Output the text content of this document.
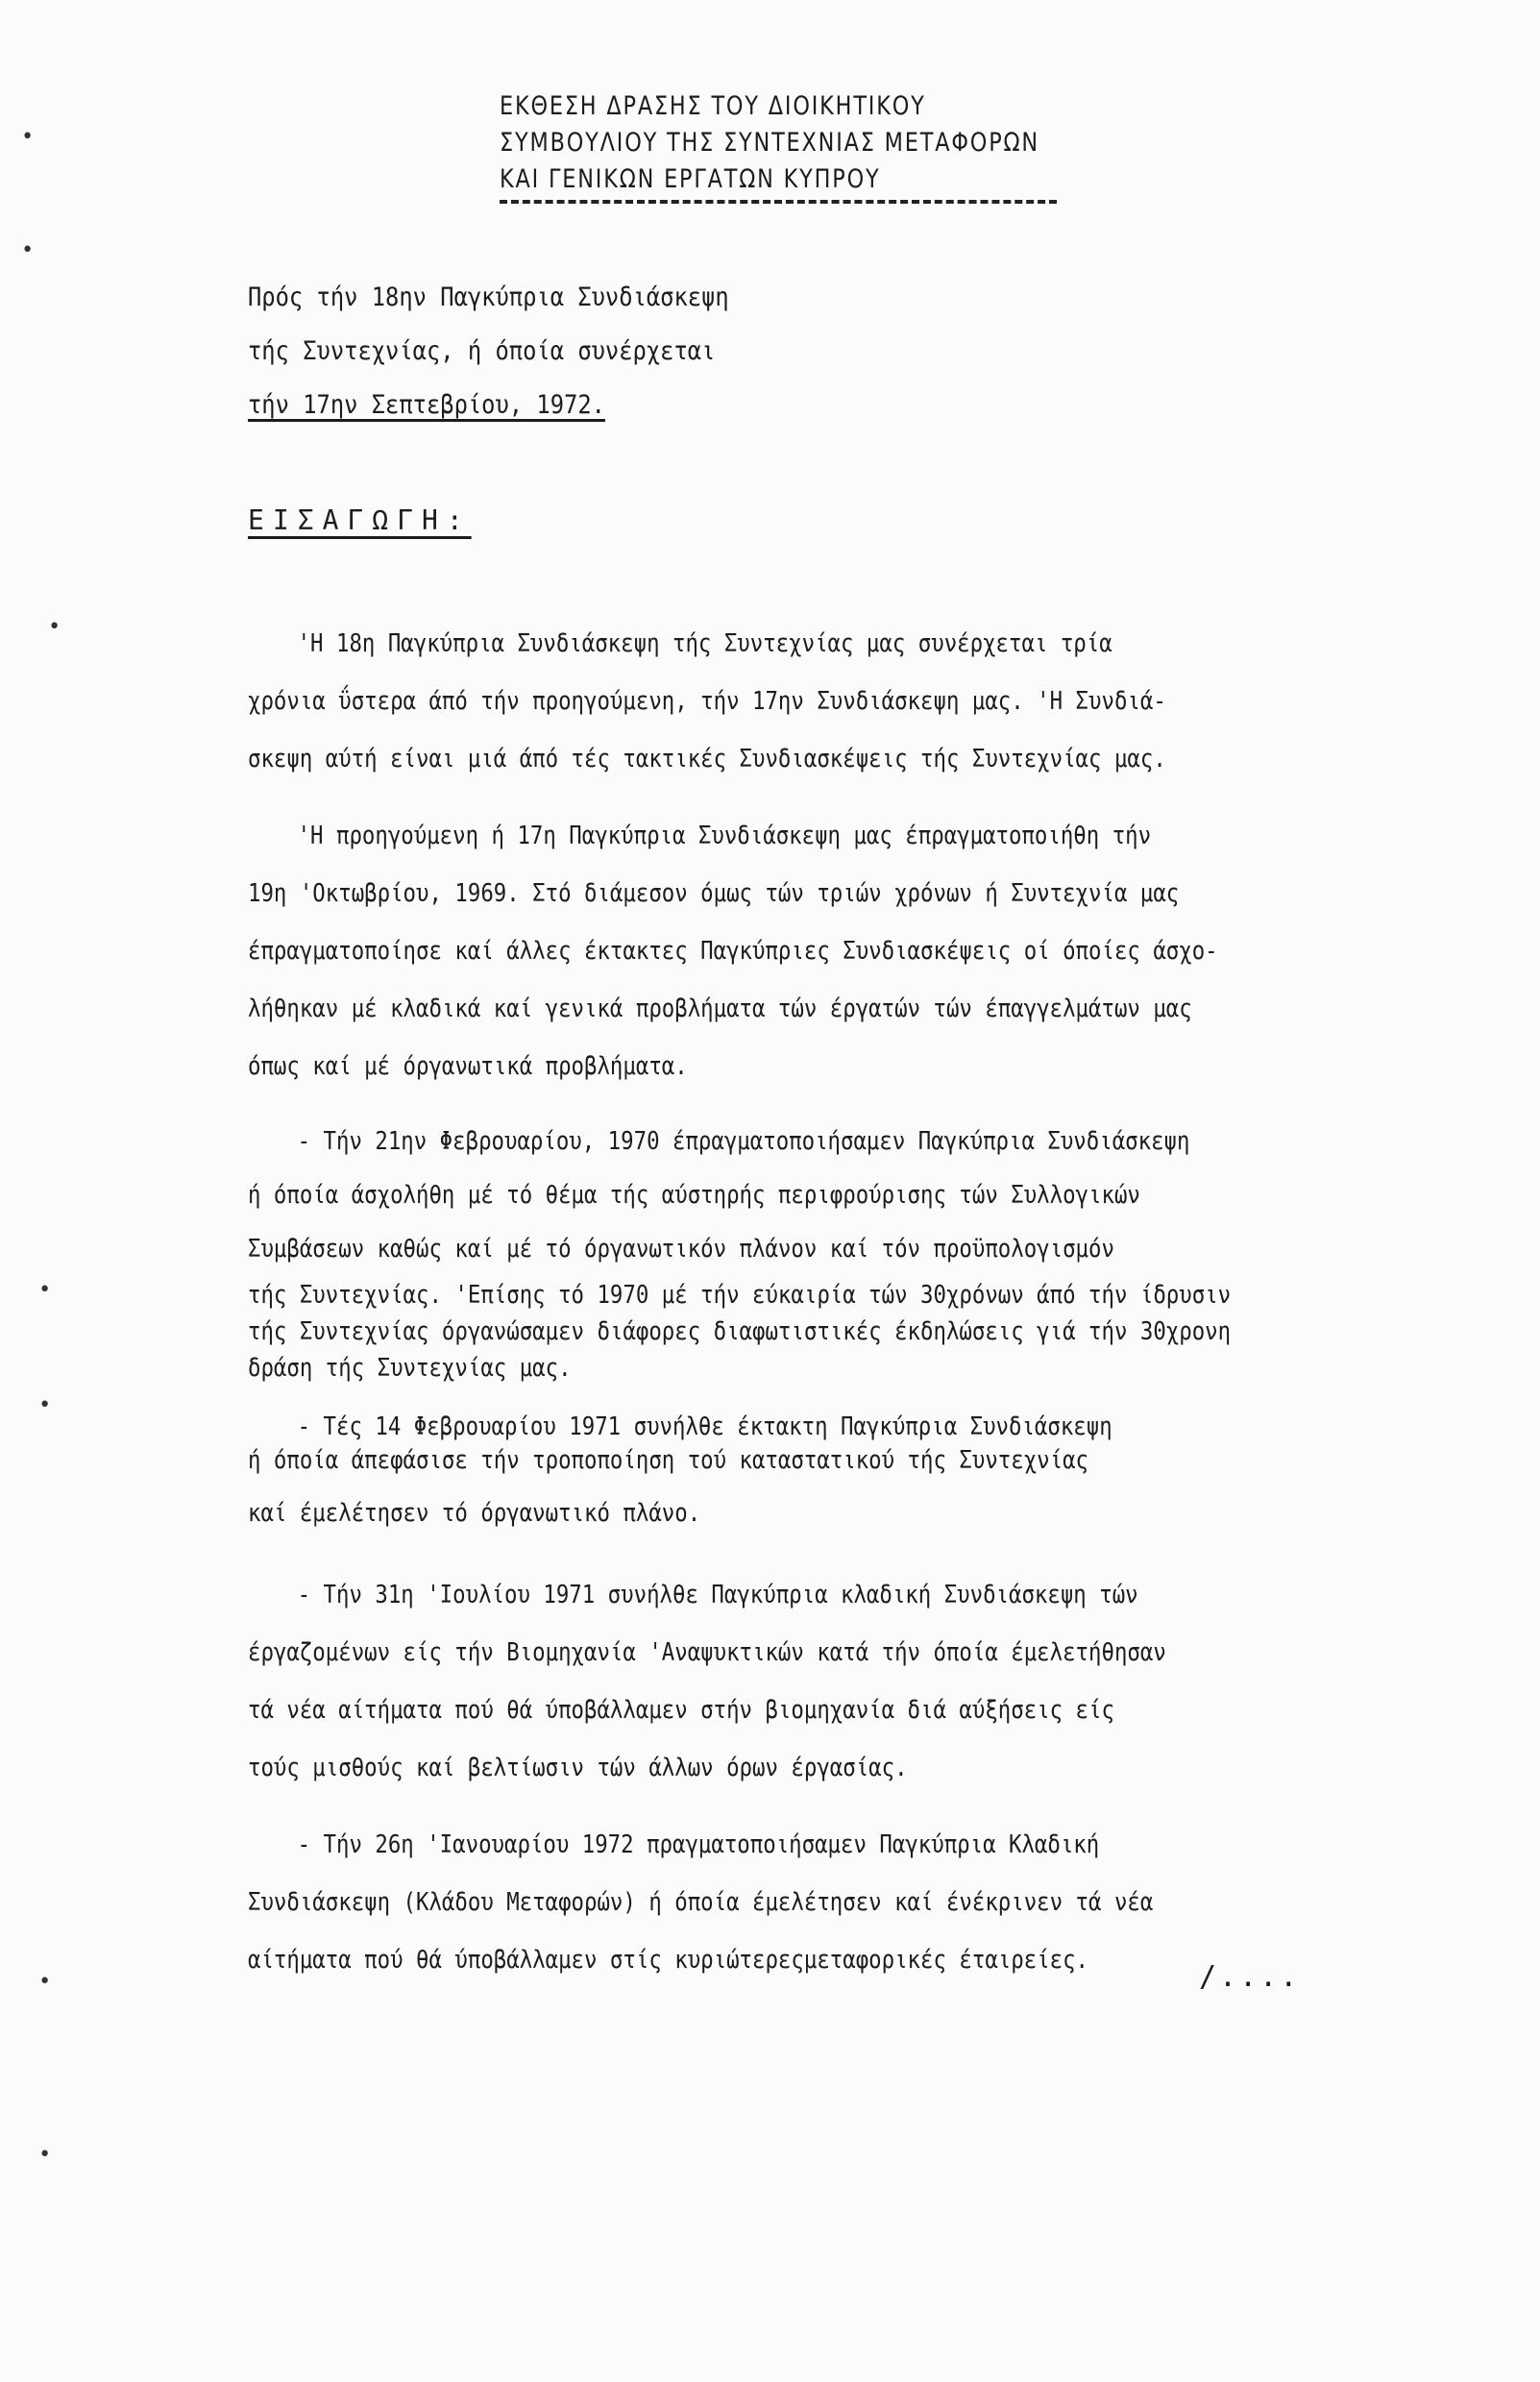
ΕΚΘΕΣΗ ΔΡΑΣΗΣ ΤΟΥ ΔΙΟΙΚΗΤΙΚΟΥ
ΣΥΜΒΟΥΛΙΟΥ ΤΗΣ ΣΥΝΤΕΧΝΙΑΣ ΜΕΤΑΦΟΡΩΝ
ΚΑΙ ΓΕΝΙΚΩΝ ΕΡΓΑΤΩΝ ΚΥΠΡΟΥ
Πρός τήν 18ην Παγκύπρια Συνδιάσκεψη
τής Συντεχνίας, ή όποία συνέρχεται
τήν 17ην Σεπτεβρίου, 1972.
ΕΙΣΑΓΩΓΗ:
'Η 18η Παγκύπρια Συνδιάσκεψη τής Συντεχνίας μας συνέρχεται τρία
χρόνια ΰστερα άπό τήν προηγούμενη, τήν 17ην Συνδιάσκεψη μας. 'Η Συνδιά-
σκεψη αύτή είναι μιά άπό τές τακτικές Συνδιασκέψεις τής Συντεχνίας μας.
'Η προηγούμενη ή 17η Παγκύπρια Συνδιάσκεψη μας έπραγματοποιήθη τήν
19η 'Οκτωβρίου, 1969. Στό διάμεσον όμως τών τριών χρόνων ή Συντεχνία μας
έπραγματοποίησε καί άλλες έκτακτες Παγκύπριες Συνδιασκέψεις οί όποίες άσχο-
λήθηκαν μέ κλαδικά καί γενικά προβλήματα τών έργατών τών έπαγγελμάτων μας
όπως καί μέ όργανωτικά προβλήματα.
- Τήν 21ην Φεβρουαρίου, 1970 έπραγματοποιήσαμεν Παγκύπρια Συνδιάσκεψη
ή όποία άσχολήθη μέ τό θέμα τής αύστηρής περιφρούρισης τών Συλλογικών
Συμβάσεων καθώς καί μέ τό όργανωτικόν πλάνον καί τόν προϋπολογισμόν
τής Συντεχνίας. 'Επίσης τό 1970 μέ τήν εύκαιρία τών 30χρόνων άπό τήν ίδρυσιν
τής Συντεχνίας όργανώσαμεν διάφορες διαφωτιστικές έκδηλώσεις γιά τήν 30χρονη
δράση τής Συντεχνίας μας.
- Τές 14 Φεβρουαρίου 1971 συνήλθε έκτακτη Παγκύπρια Συνδιάσκεψη
ή όποία άπεφάσισε τήν τροποποίηση τού καταστατικού τής Συντεχνίας
καί έμελέτησεν τό όργανωτικό πλάνο.
- Τήν 31η 'Ιουλίου 1971 συνήλθε Παγκύπρια κλαδική Συνδιάσκεψη τών
έργαζομένων είς τήν Βιομηχανία 'Αναψυκτικών κατά τήν όποία έμελετήθησαν
τά νέα αίτήματα πού θά ύποβάλλαμεν στήν βιομηχανία διά αύξήσεις είς
τούς μισθούς καί βελτίωσιν τών άλλων όρων έργασίας.
- Τήν 26η 'Ιανουαρίου 1972 πραγματοποιήσαμεν Παγκύπρια Κλαδική
Συνδιάσκεψη (Κλάδου Μεταφορών) ή όποία έμελέτησεν καί ένέκρινεν τά νέα
αίτήματα πού θά ύποβάλλαμεν στίς κυριώτερεςμεταφορικές έταιρείες.	/....
•
•
•
•
•
•
•
